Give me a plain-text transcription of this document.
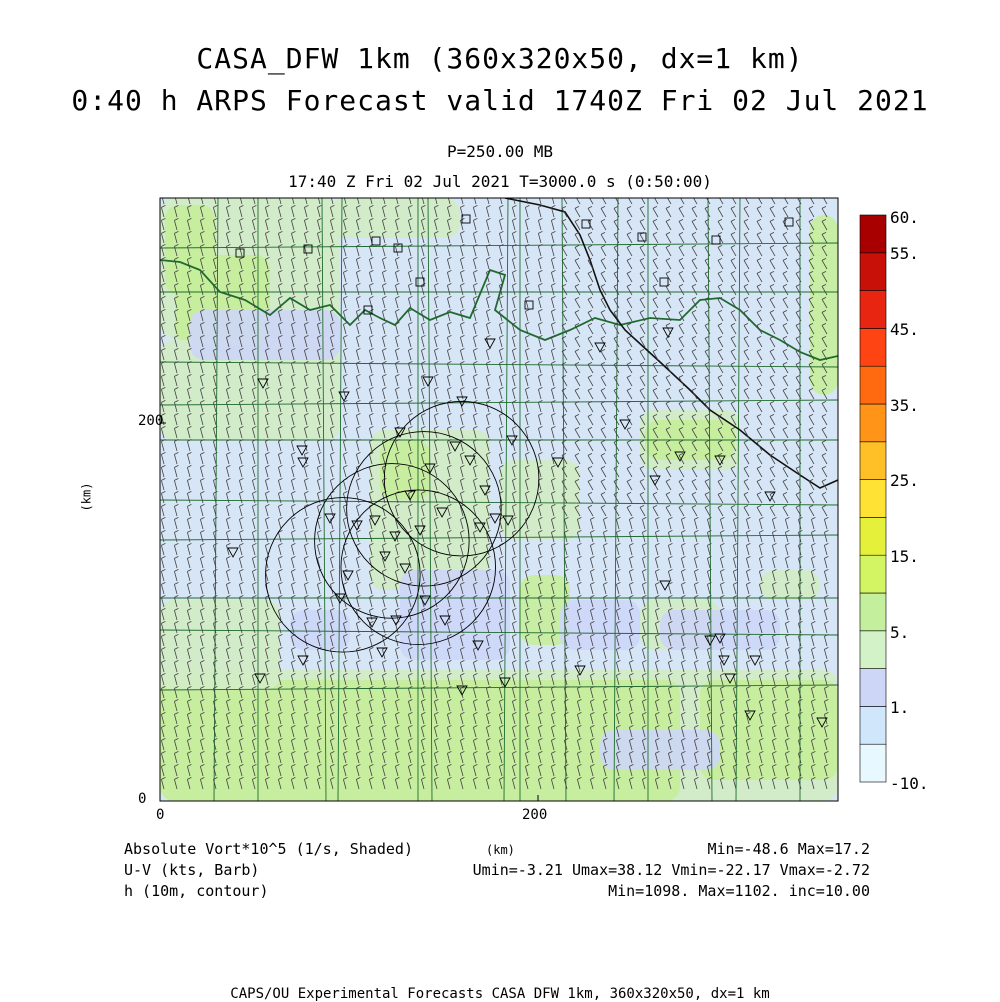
CASA_DFW 1km (360x320x50, dx=1 km)
0:40 h ARPS Forecast valid 1740Z Fri 02 Jul 2021
P=250.00 MB
17:40 Z Fri 02 Jul 2021 T=3000.0 s (0:50:00)
200
0
0	200
(km)
(km)
Absolute Vort*10^5 (1/s, Shaded)
U-V (kts, Barb)
h (10m, contour)
Min=-48.6 Max=17.2
Umin=-3.21 Umax=38.12 Vmin=-22.17 Vmax=-2.72
Min=1098. Max=1102. inc=10.00
60.
55.
45.
35.
25.
15.
5.
1.
-10.
CAPS/OU Experimental Forecasts CASA DFW 1km, 360x320x50, dx=1 km
